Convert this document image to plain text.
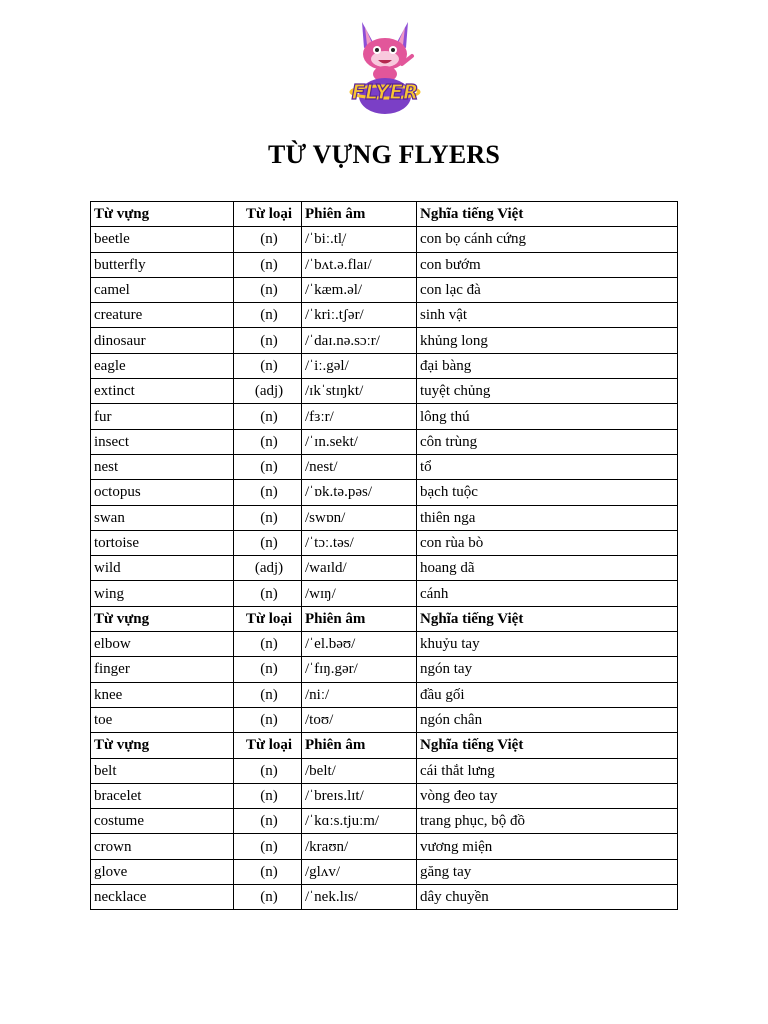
FLYER
TỪ VỰNG FLYERS
Từ vựng	Từ loại	Phiên âm	Nghĩa tiếng Việt
beetle	(n)	/ˈbiː.tl̩/	con bọ cánh cứng
butterfly	(n)	/ˈbʌt.ə.flaɪ/	con bướm
camel	(n)	/ˈkæm.əl/	con lạc đà
creature	(n)	/ˈkriː.tʃər/	sinh vật
dinosaur	(n)	/ˈdaɪ.nə.sɔːr/	khủng long
eagle	(n)	/ˈiː.gəl/	đại bàng
extinct	(adj)	/ɪkˈstɪŋkt/	tuyệt chủng
fur	(n)	/fɜːr/	lông thú
insect	(n)	/ˈɪn.sekt/	côn trùng
nest	(n)	/nest/	tổ
octopus	(n)	/ˈɒk.tə.pəs/	bạch tuộc
swan	(n)	/swɒn/	thiên nga
tortoise	(n)	/ˈtɔː.təs/	con rùa bò
wild	(adj)	/waɪld/	hoang dã
wing	(n)	/wɪŋ/	cánh
Từ vựng	Từ loại	Phiên âm	Nghĩa tiếng Việt
elbow	(n)	/ˈel.bəʊ/	khuỷu tay
finger	(n)	/ˈfɪŋ.gər/	ngón tay
knee	(n)	/niː/	đầu gối
toe	(n)	/toʊ/	ngón chân
Từ vựng	Từ loại	Phiên âm	Nghĩa tiếng Việt
belt	(n)	/belt/	cái thắt lưng
bracelet	(n)	/ˈbreɪs.lɪt/	vòng đeo tay
costume	(n)	/ˈkɑːs.tjuːm/	trang phục, bộ đồ
crown	(n)	/kraʊn/	vương miện
glove	(n)	/glʌv/	găng tay
necklace	(n)	/ˈnek.lɪs/	dây chuyền
